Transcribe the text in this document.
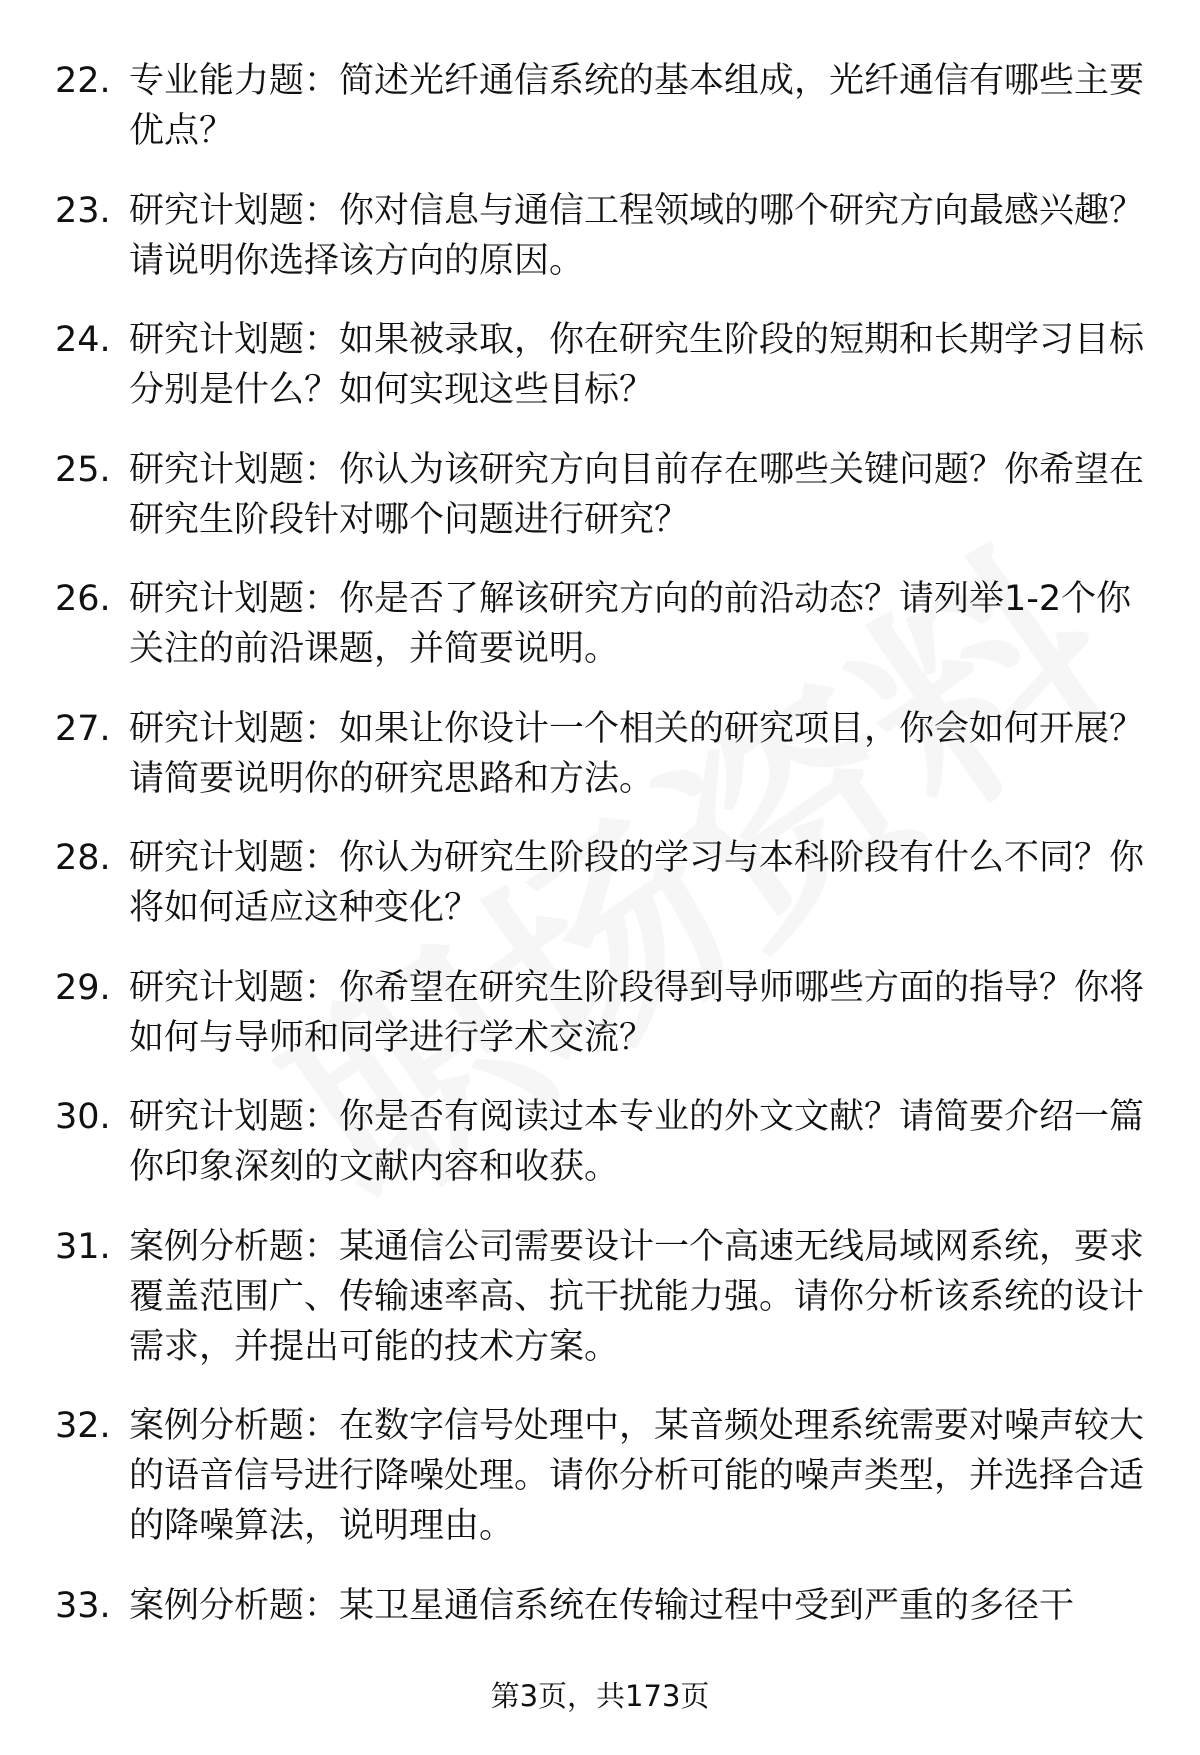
22. 专业能力题：简述光纤通信系统的基本组成，光纤通信有哪些主要优点？
23. 研究计划题：你对信息与通信工程领域的哪个研究方向最感兴趣？请说明你选择该方向的原因。
24. 研究计划题：如果被录取，你在研究生阶段的短期和长期学习目标分别是什么？如何实现这些目标？
25. 研究计划题：你认为该研究方向目前存在哪些关键问题？你希望在研究生阶段针对哪个问题进行研究？
26. 研究计划题：你是否了解该研究方向的前沿动态？请列举1-2个你关注的前沿课题，并简要说明。
27. 研究计划题：如果让你设计一个相关的研究项目，你会如何开展？请简要说明你的研究思路和方法。
28. 研究计划题：你认为研究生阶段的学习与本科阶段有什么不同？你将如何适应这种变化？
29. 研究计划题：你希望在研究生阶段得到导师哪些方面的指导？你将如何与导师和同学进行学术交流？
30. 研究计划题：你是否有阅读过本专业的外文文献？请简要介绍一篇你印象深刻的文献内容和收获。
31. 案例分析题：某通信公司需要设计一个高速无线局域网系统，要求覆盖范围广、传输速率高、抗干扰能力强。请你分析该系统的设计需求，并提出可能的技术方案。
32. 案例分析题：在数字信号处理中，某音频处理系统需要对噪声较大的语音信号进行降噪处理。请你分析可能的噪声类型，并选择合适的降噪算法，说明理由。
33. 案例分析题：某卫星通信系统在传输过程中受到严重的多径干
第3页，共173页
